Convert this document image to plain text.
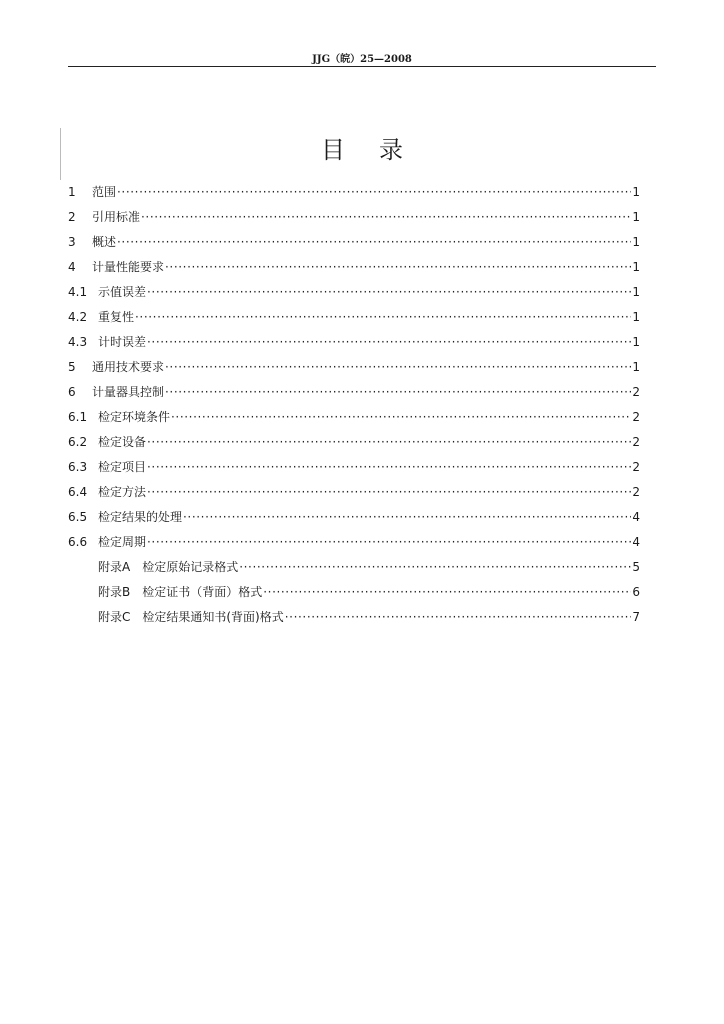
JJG（皖）25—2008
目录
1	范围 ·····	1
2	引用标准 ·····	1
3	概述 ·····	1
4	计量性能要求 ·····	1
4.1 示值误差 ·····	1
4.2 重复性 ·····	1
4.3 计时误差 ·····	1
5	通用技术要求 ·····	1
6	计量器具控制 ·····	2
6.1 检定环境条件 ·····	2
6.2 检定设备 ·····	2
6.3 检定项目 ·····	2
6.4 检定方法 ·····	2
6.5 检定结果的处理 ·····	4
6.6 检定周期 ·····	4
附录A　检定原始记录格式 ·····	5
附录B　检定证书（背面）格式 ·····	6
附录C　检定结果通知书(背面)格式 ·····	7
